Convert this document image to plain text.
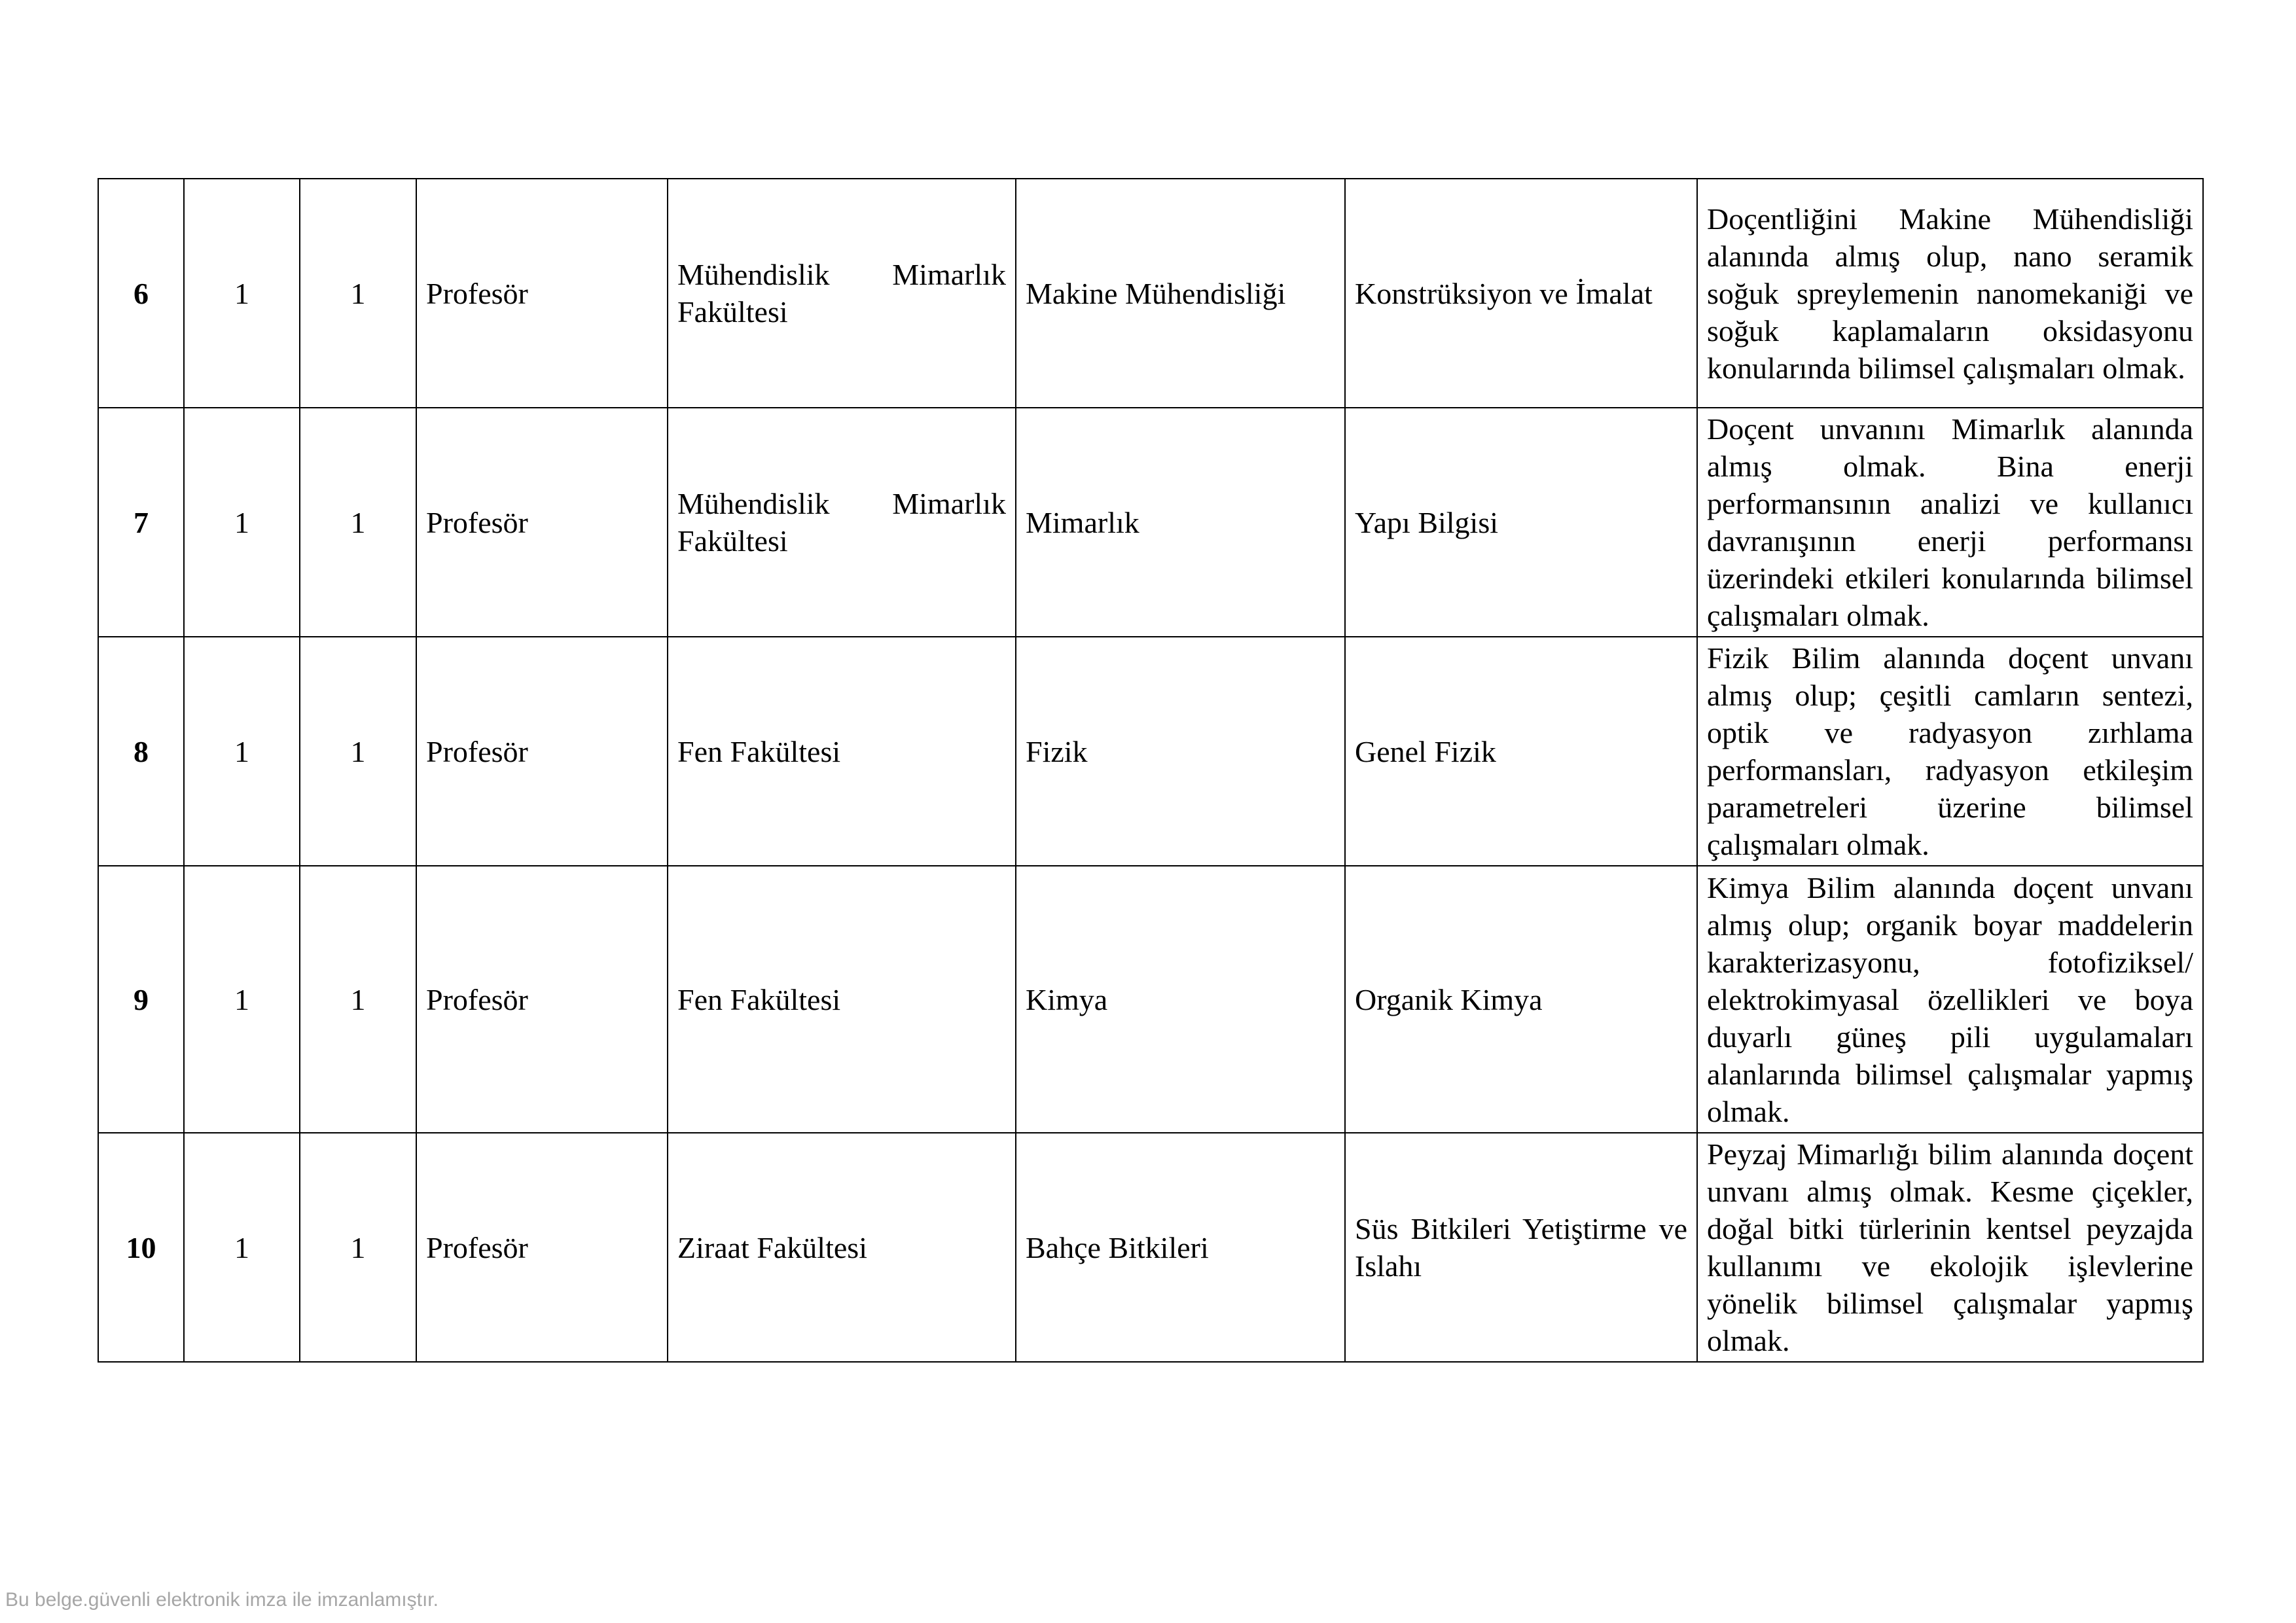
6	1	1	Profesör	Mühendislik Mimarlık Fakültesi	Makine Mühendisliği	Konstrüksiyon ve İmalat	Doçentliğini Makine Mühendisliği alanında almış olup, nano seramik soğuk spreylemenin nanomekaniği ve soğuk kaplamaların oksidasyonu konularında bilimsel çalışmaları olmak.
7	1	1	Profesör	Mühendislik Mimarlık Fakültesi	Mimarlık	Yapı Bilgisi	Doçent unvanını Mimarlık alanında almış olmak. Bina enerji performansının analizi ve kullanıcı davranışının enerji performansı üzerindeki etkileri konularında bilimsel çalışmaları olmak.
8	1	1	Profesör	Fen Fakültesi	Fizik	Genel Fizik	Fizik Bilim alanında doçent unvanı almış olup; çeşitli camların sentezi, optik ve radyasyon zırhlama performansları, radyasyon etkileşim parametreleri üzerine bilimsel çalışmaları olmak.
9	1	1	Profesör	Fen Fakültesi	Kimya	Organik Kimya	Kimya Bilim alanında doçent unvanı almış olup; organik boyar maddelerin karakterizasyonu, fotofiziksel/ elektrokimyasal özellikleri ve boya duyarlı güneş pili uygulamaları alanlarında bilimsel çalışmalar yapmış olmak.
10	1	1	Profesör	Ziraat Fakültesi	Bahçe Bitkileri	Süs Bitkileri Yetiştirme ve Islahı	Peyzaj Mimarlığı bilim alanında doçent unvanı almış olmak. Kesme çiçekler, doğal bitki türlerinin kentsel peyzajda kullanımı ve ekolojik işlevlerine yönelik bilimsel çalışmalar yapmış olmak.
Bu belge.güvenli elektronik imza ile imzanlamıştır.
